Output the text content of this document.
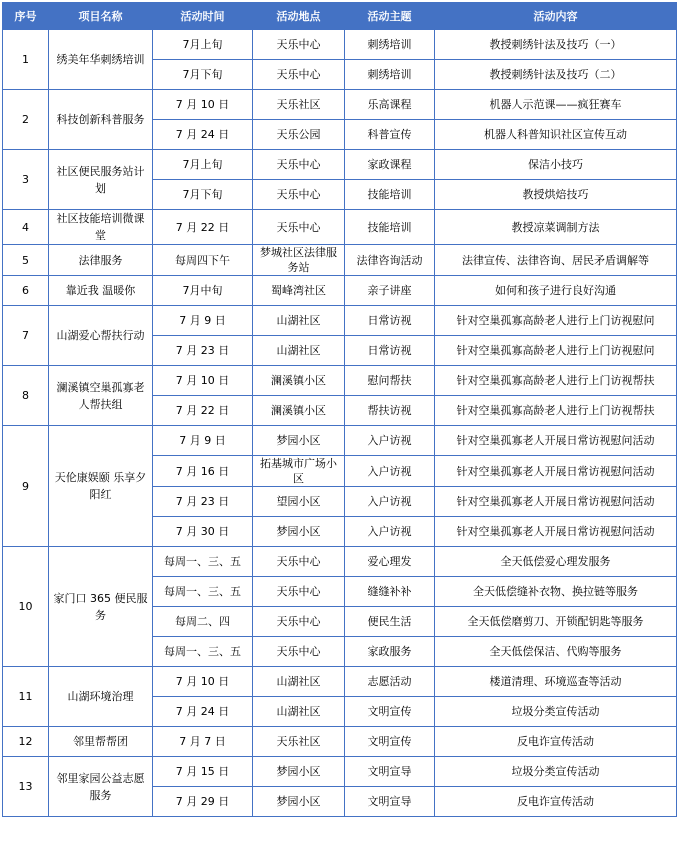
序号	项目名称	活动时间	活动地点	活动主题	活动内容
1	绣美年华刺绣培训	7月上旬	天乐中心	刺绣培训	教授刺绣针法及技巧（一）
		7月下旬	天乐中心	刺绣培训	教授刺绣针法及技巧（二）
2	科技创新科普服务	7 月 10 日	天乐社区	乐高课程	机器人示范课——疯狂赛车
		7 月 24 日	天乐公园	科普宣传	机器人科普知识社区宣传互动
3	社区便民服务站计划	7月上旬	天乐中心	家政课程	保洁小技巧
		7月下旬	天乐中心	技能培训	教授烘焙技巧
4	社区技能培训微课堂	7 月 22 日	天乐中心	技能培训	教授凉菜调制方法
5	法律服务	每周四下午	梦城社区法律服务站	法律咨询活动	法律宣传、法律咨询、居民矛盾调解等
6	靠近我 温暖你	7月中旬	蜀峰湾社区	亲子讲座	如何和孩子进行良好沟通
7	山湖爱心帮扶行动	7 月 9 日	山湖社区	日常访视	针对空巢孤寡高龄老人进行上门访视慰问
		7 月 23 日	山湖社区	日常访视	针对空巢孤寡高龄老人进行上门访视慰问
8	澜溪镇空巢孤寡老人帮扶组	7 月 10 日	澜溪镇小区	慰问帮扶	针对空巢孤寡高龄老人进行上门访视帮扶
		7 月 22 日	澜溪镇小区	帮扶访视	针对空巢孤寡高龄老人进行上门访视帮扶
9	天伦康娱颐 乐享夕阳红	7 月 9 日	梦园小区	入户访视	针对空巢孤寡老人开展日常访视慰问活动
		7 月 16 日	拓基城市广场小区	入户访视	针对空巢孤寡老人开展日常访视慰问活动
		7 月 23 日	望园小区	入户访视	针对空巢孤寡老人开展日常访视慰问活动
		7 月 30 日	梦园小区	入户访视	针对空巢孤寡老人开展日常访视慰问活动
10	家门口 365 便民服务	每周一、三、五	天乐中心	爱心理发	全天低偿爱心理发服务
		每周一、三、五	天乐中心	缝缝补补	全天低偿缝补衣物、换拉链等服务
		每周二、四	天乐中心	便民生活	全天低偿磨剪刀、开锁配钥匙等服务
		每周一、三、五	天乐中心	家政服务	全天低偿保洁、代购等服务
11	山湖环境治理	7 月 10 日	山湖社区	志愿活动	楼道清理、环境巡查等活动
		7 月 24 日	山湖社区	文明宣传	垃圾分类宣传活动
12	邻里帮帮团	7 月 7 日	天乐社区	文明宣传	反电诈宣传活动
13	邻里家园公益志愿服务	7 月 15 日	梦园小区	文明宣导	垃圾分类宣传活动
		7 月 29 日	梦园小区	文明宣导	反电诈宣传活动
